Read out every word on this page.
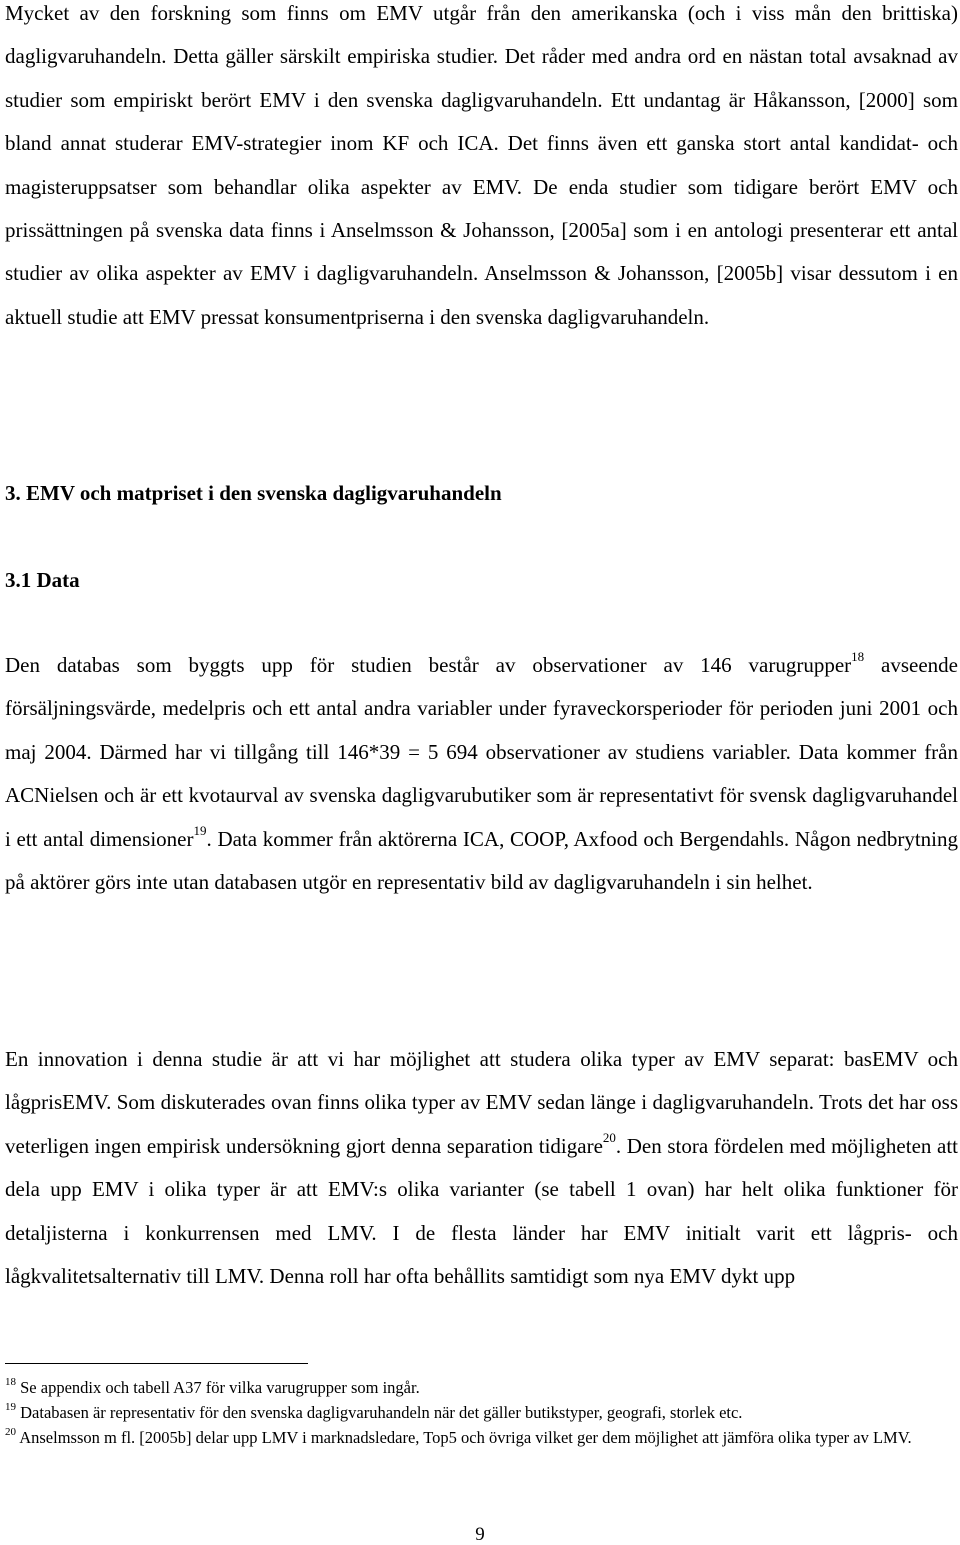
Mycket av den forskning som finns om EMV utgår från den amerikanska (och i viss mån den brittiska) dagligvaruhandeln. Detta gäller särskilt empiriska studier. Det råder med andra ord en nästan total avsaknad av studier som empiriskt berört EMV i den svenska dagligvaruhandeln. Ett undantag är Håkansson, [2000] som bland annat studerar EMV-strategier inom KF och ICA. Det finns även ett ganska stort antal kandidat- och magisteruppsatser som behandlar olika aspekter av EMV. De enda studier som tidigare berört EMV och prissättningen på svenska data finns i Anselmsson & Johansson, [2005a] som i en antologi presenterar ett antal studier av olika aspekter av EMV i dagligvaruhandeln. Anselmsson & Johansson, [2005b] visar dessutom i en aktuell studie att EMV pressat konsumentpriserna i den svenska dagligvaruhandeln.

3. EMV och matpriset i den svenska dagligvaruhandeln
3.1 Data

Den databas som byggts upp för studien består av observationer av 146 varugrupper$^{18}$ avseende försäljningsvärde, medelpris och ett antal andra variabler under fyraveckorsperioder för perioden juni 2001 och maj 2004. Därmed har vi tillgång till 146*39 = 5 694 observationer av studiens variabler. Data kommer från ACNielsen och är ett kvotaurval av svenska dagligvarubutiker som är representativt för svensk dagligvaruhandel i ett antal dimensioner$^{19}$. Data kommer från aktörerna ICA, COOP, Axfood och Bergendahls. Någon nedbrytning på aktörer görs inte utan databasen utgör en representativ bild av dagligvaruhandeln i sin helhet.

En innovation i denna studie är att vi har möjlighet att studera olika typer av EMV separat: basEMV och lågprisEMV. Som diskuterades ovan finns olika typer av EMV sedan länge i dagligvaruhandeln. Trots det har oss veterligen ingen empirisk undersökning gjort denna separation tidigare$^{20}$. Den stora fördelen med möjligheten att dela upp EMV i olika typer är att EMV:s olika varianter (se tabell 1 ovan) har helt olika funktioner för detaljisterna i konkurrensen med LMV. I de flesta länder har EMV initialt varit ett lågpris- och lågkvalitetsalternativ till LMV. Denna roll har ofta behållits samtidigt som nya EMV dykt upp

$^{18}$ Se appendix och tabell A37 för vilka varugrupper som ingår.

$^{19}$ Databasen är representativ för den svenska dagligvaruhandeln när det gäller butikstyper, geografi, storlek etc.

$^{20}$ Anselmsson m fl. [2005b] delar upp LMV i marknadsledare, Top5 och övriga vilket ger dem möjlighet att jämföra olika typer av LMV.

9
